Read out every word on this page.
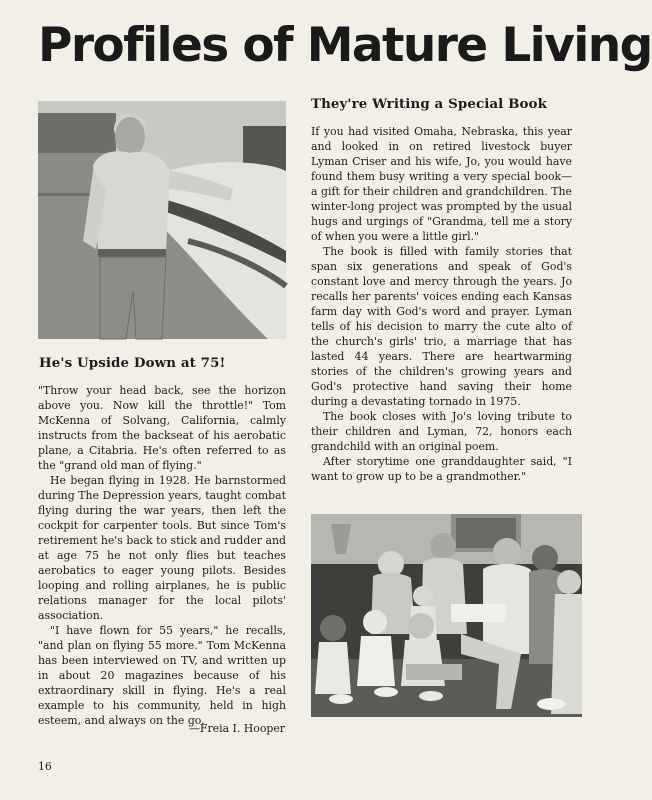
Profiles of Mature Living
He's Upside Down at 75!

"Throw your head back, see the horizon above you. Now kill the throttle!" Tom McKenna of Solvang, California, calmly instructs from the backseat of his aerobatic plane, a Citabria. He's often referred to as the "grand old man of flying."

He began flying in 1928. He barnstormed during The Depression years, taught combat flying during the war years, then left the cockpit for carpenter tools. But since Tom's retirement he's back to stick and rudder and at age 75 he not only flies but teaches aerobatics to eager young pilots. Besides looping and rolling airplanes, he is public relations manager for the local pilots' association.

"I have flown for 55 years," he recalls, "and plan on flying 55 more." Tom McKenna has been interviewed on TV, and written up in about 20 magazines because of his extraordinary skill in flying. He's a real example to his community, held in high esteem, and always on the go.

—Freia I. Hooper
They're Writing a Special Book

If you had visited Omaha, Nebraska, this year and looked in on retired livestock buyer Lyman Criser and his wife, Jo, you would have found them busy writing a very special book—a gift for their children and grandchildren. The winter-long project was prompted by the usual hugs and urgings of "Grandma, tell me a story of when you were a little girl."

The book is filled with family stories that span six generations and speak of God's constant love and mercy through the years. Jo recalls her parents' voices ending each Kansas farm day with God's word and prayer. Lyman tells of his decision to marry the cute alto of the church's girls' trio, a marriage that has lasted 44 years. There are heartwarming stories of the children's growing years and God's protective hand saving their home during a devastating tornado in 1975.

The book closes with Jo's loving tribute to their children and Lyman, 72, honors each grandchild with an original poem.

After storytime one granddaughter said, "I want to grow up to be a grandmother."

16
